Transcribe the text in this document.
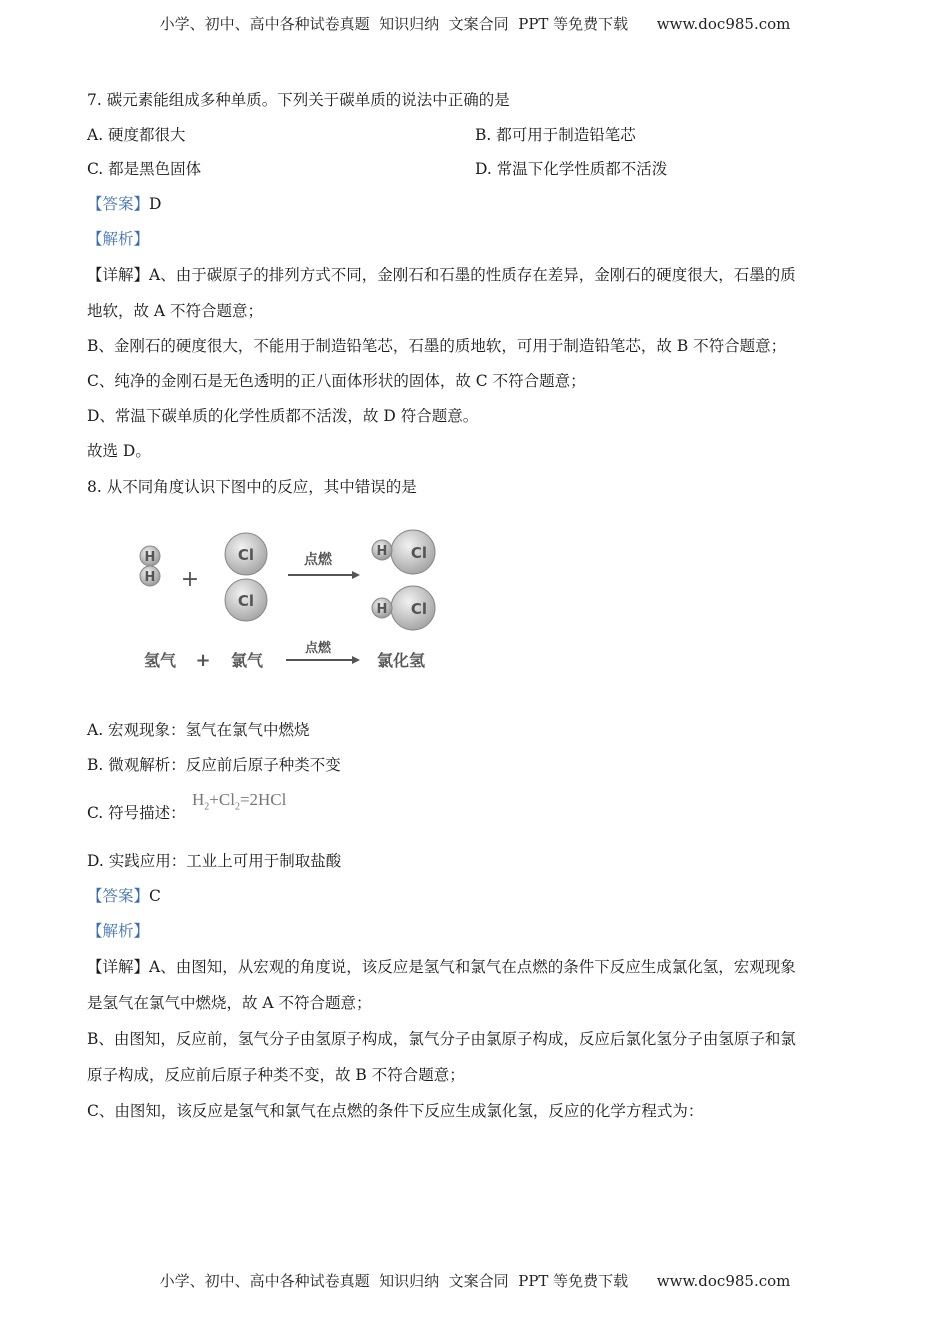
小学、初中、高中各种试卷真题  知识归纳  文案合同  PPT 等免费下载      www.doc985.com
7. 碳元素能组成多种单质。下列关于碳单质的说法中正确的是
A. 硬度都很大	B. 都可用于制造铅笔芯
C. 都是黑色固体	D. 常温下化学性质都不活泼
【答案】D
【解析】
【详解】A、由于碳原子的排列方式不同，金刚石和石墨的性质存在差异，金刚石的硬度很大，石墨的质
地软，故 A 不符合题意；
B、金刚石的硬度很大，不能用于制造铅笔芯，石墨的质地软，可用于制造铅笔芯，故 B 不符合题意；
C、纯净的金刚石是无色透明的正八面体形状的固体，故 C 不符合题意；
D、常温下碳单质的化学性质都不活泼，故 D 符合题意。
故选 D。
8. 从不同角度认识下图中的反应，其中错误的是
H
H +
Cl
Cl
点燃
H Cl
H Cl
氢气 + 氯气
点燃
氯化氢
A. 宏观现象：氢气在氯气中燃烧
B. 微观解析：反应前后原子种类不变
C. 符号描述：
$H_2+Cl_2=2HCl$
D. 实践应用：工业上可用于制取盐酸
【答案】C
【解析】
【详解】A、由图知，从宏观的角度说，该反应是氢气和氯气在点燃的条件下反应生成氯化氢，宏观现象
是氢气在氯气中燃烧，故 A 不符合题意；
B、由图知，反应前，氢气分子由氢原子构成，氯气分子由氯原子构成，反应后氯化氢分子由氢原子和氯
原子构成，反应前后原子种类不变，故 B 不符合题意；
C、由图知，该反应是氢气和氯气在点燃的条件下反应生成氯化氢，反应的化学方程式为：
小学、初中、高中各种试卷真题  知识归纳  文案合同  PPT 等免费下载      www.doc985.com
